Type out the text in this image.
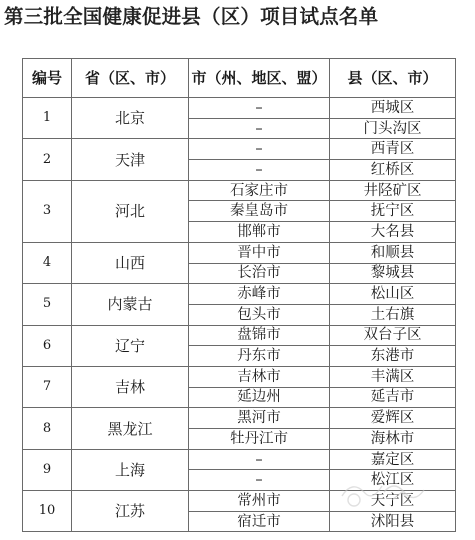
第三批全国健康促进县（区）项目试点名单
编号	省（区、市）	市（州、地区、盟）	县（区、市）
1	北京	–	西城区
		–	门头沟区
2	天津	–	西青区
		–	红桥区
3	河北	石家庄市	井陉矿区
		秦皇岛市	抚宁区
		邯郸市	大名县
4	山西	晋中市	和顺县
		长治市	黎城县
5	内蒙古	赤峰市	松山区
		包头市	土右旗
6	辽宁	盘锦市	双台子区
		丹东市	东港市
7	吉林	吉林市	丰满区
		延边州	延吉市
8	黑龙江	黑河市	爱辉区
		牡丹江市	海林市
9	上海	–	嘉定区
		–	松江区
10	江苏	常州市	天宁区
		宿迁市	沭阳县
